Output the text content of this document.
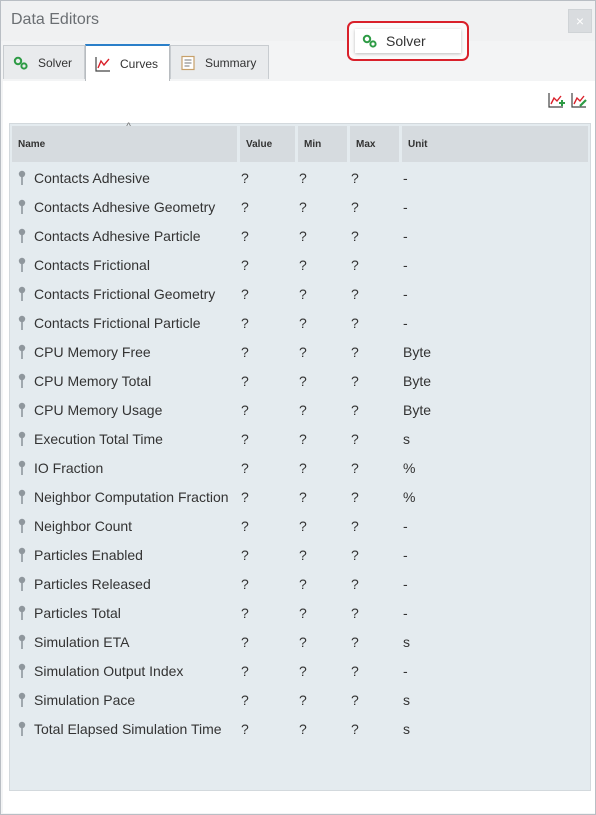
Data Editors	×
Solver	Curves	Summary
Name	Value	Min	Max	Unit
Contacts Adhesive	?	?	?	-
Contacts Adhesive Geometry ?	?	?	-
Contacts Adhesive Particle	?	?	?	-
Contacts Frictional	?	?	?	-
Contacts Frictional Geometry ?	?	?	-
Contacts Frictional Particle	?	?	?	-
CPU Memory Free	?	?	?	Byte
CPU Memory Total	?	?	?	Byte
CPU Memory Usage	?	?	?	Byte
Execution Total Time	?	?	?	s
IO Fraction	?	?	?	%
Neighbor Computation Fraction ?	?	?	%
Neighbor Count	?	?	?	-
Particles Enabled	?	?	?	-
Particles Released	?	?	?	-
Particles Total	?	?	?	-
Simulation ETA	?	?	?	s
Simulation Output Index	?	?	?	-
Simulation Pace	?	?	?	s
Total Elapsed Simulation Time ?	?	?	s
Solver
